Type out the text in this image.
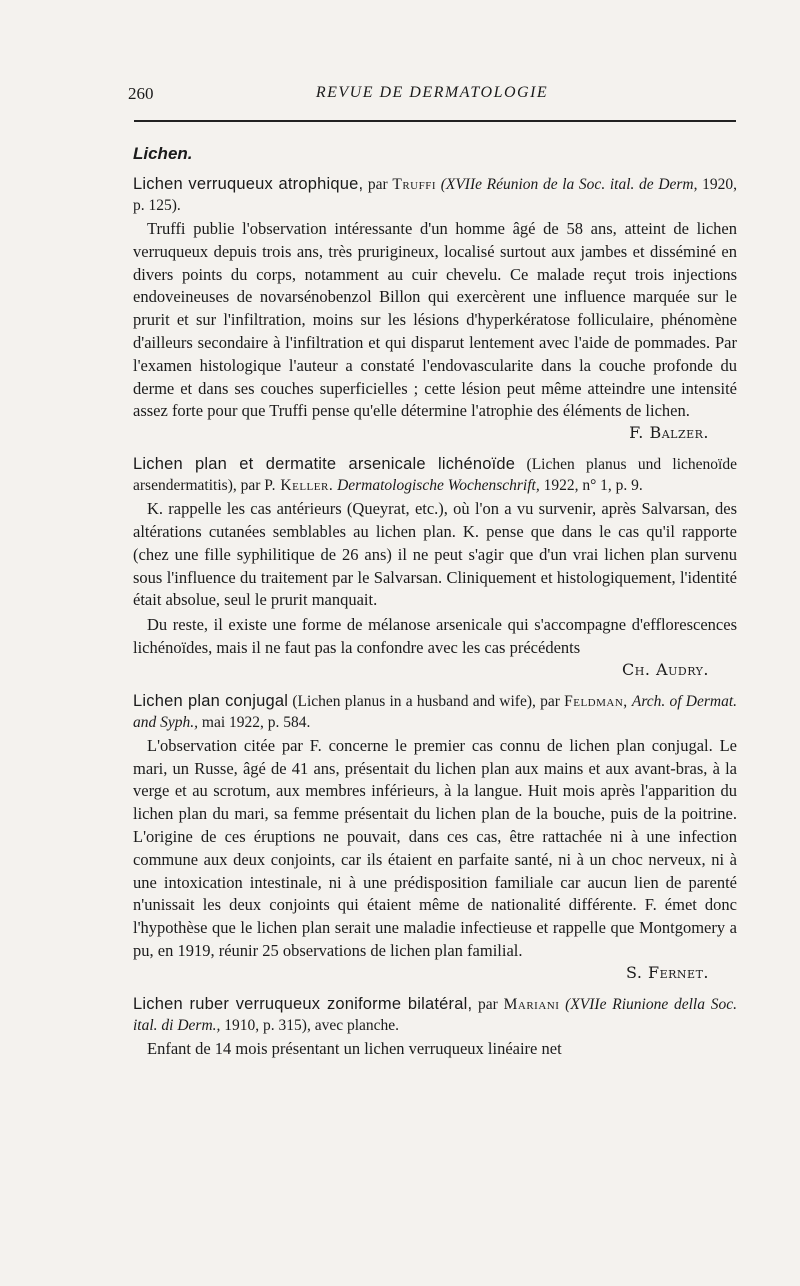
260	REVUE DE DERMATOLOGIE
Lichen.
Lichen verruqueux atrophique, par Truffi (XVIIe Réunion de la Soc. ital. de Derm, 1920, p. 125).

Truffi publie l'observation intéressante d'un homme âgé de 58 ans, atteint de lichen verruqueux depuis trois ans, très prurigineux, localisé surtout aux jambes et disséminé en divers points du corps, notamment au cuir chevelu. Ce malade reçut trois injections endoveineuses de novarsénobenzol Billon qui exercèrent une influence marquée sur le prurit et sur l'infiltration, moins sur les lésions d'hyperkératose folliculaire, phénomène d'ailleurs secondaire à l'infiltration et qui disparut lentement avec l'aide de pommades. Par l'examen histologique l'auteur a constaté l'endovascularite dans la couche profonde du derme et dans ses couches superficielles ; cette lésion peut même atteindre une intensité assez forte pour que Truffi pense qu'elle détermine l'atrophie des éléments de lichen.

F. Balzer.
Lichen plan et dermatite arsenicale lichénoïde (Lichen planus und lichenoïde arsendermatitis), par P. Keller. Dermatologische Wochenschrift, 1922, n° 1, p. 9.

K. rappelle les cas antérieurs (Queyrat, etc.), où l'on a vu survenir, après Salvarsan, des altérations cutanées semblables au lichen plan. K. pense que dans le cas qu'il rapporte (chez une fille syphilitique de 26 ans) il ne peut s'agir que d'un vrai lichen plan survenu sous l'influence du traitement par le Salvarsan. Cliniquement et histologiquement, l'identité était absolue, seul le prurit manquait.

Du reste, il existe une forme de mélanose arsenicale qui s'accompagne d'efflorescences lichénoïdes, mais il ne faut pas la confondre avec les cas précédents

Ch. Audry.
Lichen plan conjugal (Lichen planus in a husband and wife), par Feldman, Arch. of Dermat. and Syph., mai 1922, p. 584.

L'observation citée par F. concerne le premier cas connu de lichen plan conjugal. Le mari, un Russe, âgé de 41 ans, présentait du lichen plan aux mains et aux avant-bras, à la verge et au scrotum, aux membres inférieurs, à la langue. Huit mois après l'apparition du lichen plan du mari, sa femme présentait du lichen plan de la bouche, puis de la poitrine. L'origine de ces éruptions ne pouvait, dans ces cas, être rattachée ni à une infection commune aux deux conjoints, car ils étaient en parfaite santé, ni à un choc nerveux, ni à une intoxication intestinale, ni à une prédisposition familiale car aucun lien de parenté n'unissait les deux conjoints qui étaient même de nationalité différente. F. émet donc l'hypothèse que le lichen plan serait une maladie infectieuse et rappelle que Montgomery a pu, en 1919, réunir 25 observations de lichen plan familial.

S. Fernet.
Lichen ruber verruqueux zoniforme bilatéral, par Mariani (XVIIe Riunione della Soc. ital. di Derm., 1910, p. 315), avec planche.

Enfant de 14 mois présentant un lichen verruqueux linéaire net
